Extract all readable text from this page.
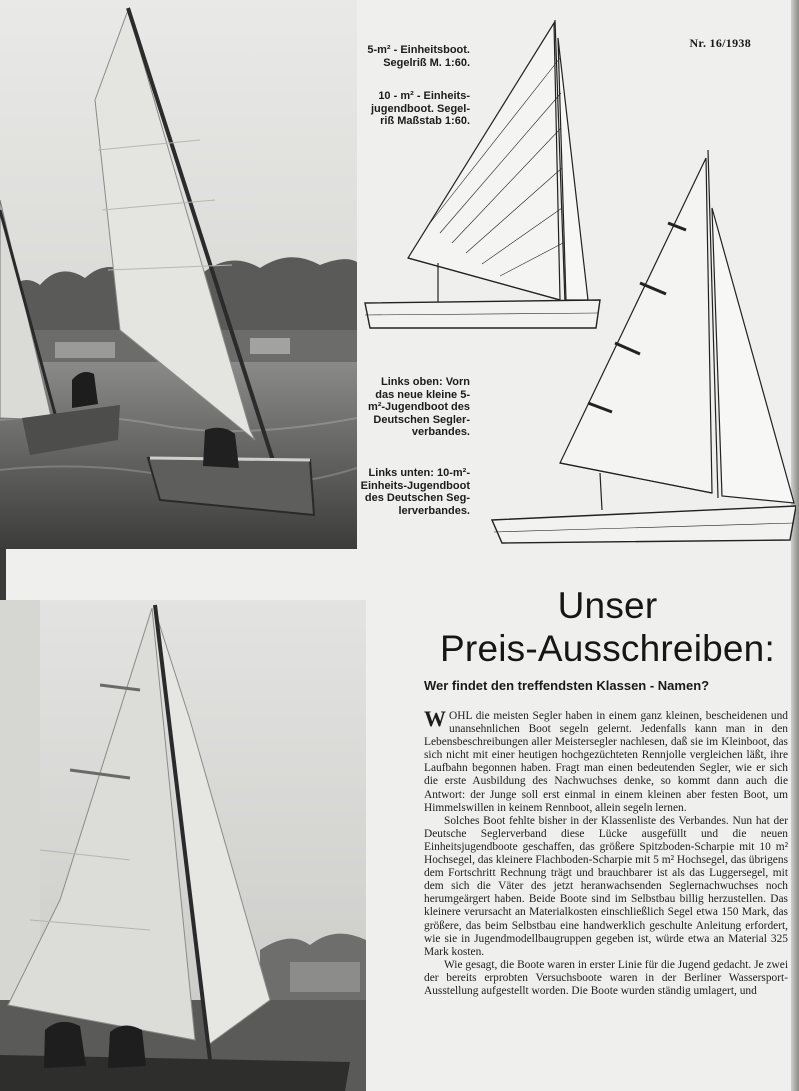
Nr. 16/1938
5-m² - Einheitsboot. Segelriß M. 1:60.
10 - m² - Einheits-jugendboot. Segel-riß Maßstab 1:60.
Links oben: Vorn das neue kleine 5-m²-Jugendboot des Deutschen Segler-verbandes.
Links unten: 10-m²-Einheits-Jugendboot des Deutschen Seg-lerverbandes.
Unser
Preis-Ausschreiben:
Wer findet den treffendsten Klassen - Namen?

WOHL die meisten Segler haben in einem ganz kleinen, bescheidenen und unansehnlichen Boot segeln gelernt. Jedenfalls kann man in den Lebensbeschreibungen aller Meistersegler nachlesen, daß sie im Kleinboot, das sich nicht mit einer heutigen hochgezüchteten Rennjolle vergleichen läßt, ihre Laufbahn begonnen haben. Fragt man einen bedeutenden Segler, wie er sich die erste Ausbildung des Nachwuchses denke, so kommt dann auch die Antwort: der Junge soll erst einmal in einem kleinen aber festen Boot, um Himmelswillen in keinem Rennboot, allein segeln lernen.

Solches Boot fehlte bisher in der Klassenliste des Verbandes. Nun hat der Deutsche Seglerverband diese Lücke ausgefüllt und die neuen Einheitsjugendboote geschaffen, das größere Spitzboden-Scharpie mit 10 m² Hochsegel, das kleinere Flachboden-Scharpie mit 5 m² Hochsegel, das übrigens dem Fortschritt Rechnung trägt und brauchbarer ist als das Luggersegel, mit dem sich die Väter des jetzt heranwachsenden Seglernachwuchses noch herumgeärgert haben. Beide Boote sind im Selbstbau billig herzustellen. Das kleinere verursacht an Materialkosten einschließlich Segel etwa 150 Mark, das größere, das beim Selbstbau eine handwerklich geschulte Anleitung erfordert, wie sie in Jugendmodellbaugruppen gegeben ist, würde etwa an Material 325 Mark kosten.

Wie gesagt, die Boote waren in erster Linie für die Jugend gedacht. Je zwei der bereits erprobten Versuchsboote waren in der Berliner Wassersport-Ausstellung aufgestellt worden. Die Boote wurden ständig umlagert, und
